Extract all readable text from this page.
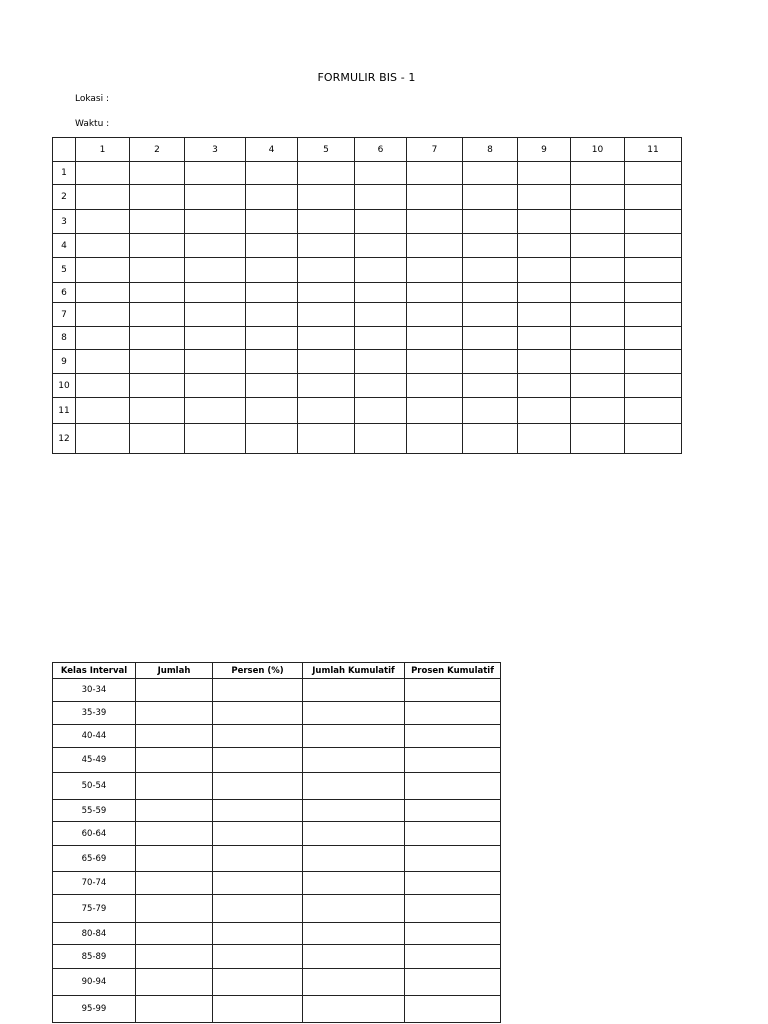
FORMULIR BIS - 1
Lokasi :
Waktu :
	1	2	3	4	5	6	7	8	9	10	11
1											
2											
3											
4											
5											
6											
7											
8											
9											
10											
11											
12											
Kelas Interval	Jumlah	Persen (%)	Jumlah Kumulatif	Prosen Kumulatif
30-34				
35-39				
40-44				
45-49				
50-54				
55-59				
60-64				
65-69				
70-74				
75-79				
80-84				
85-89				
90-94				
95-99				
